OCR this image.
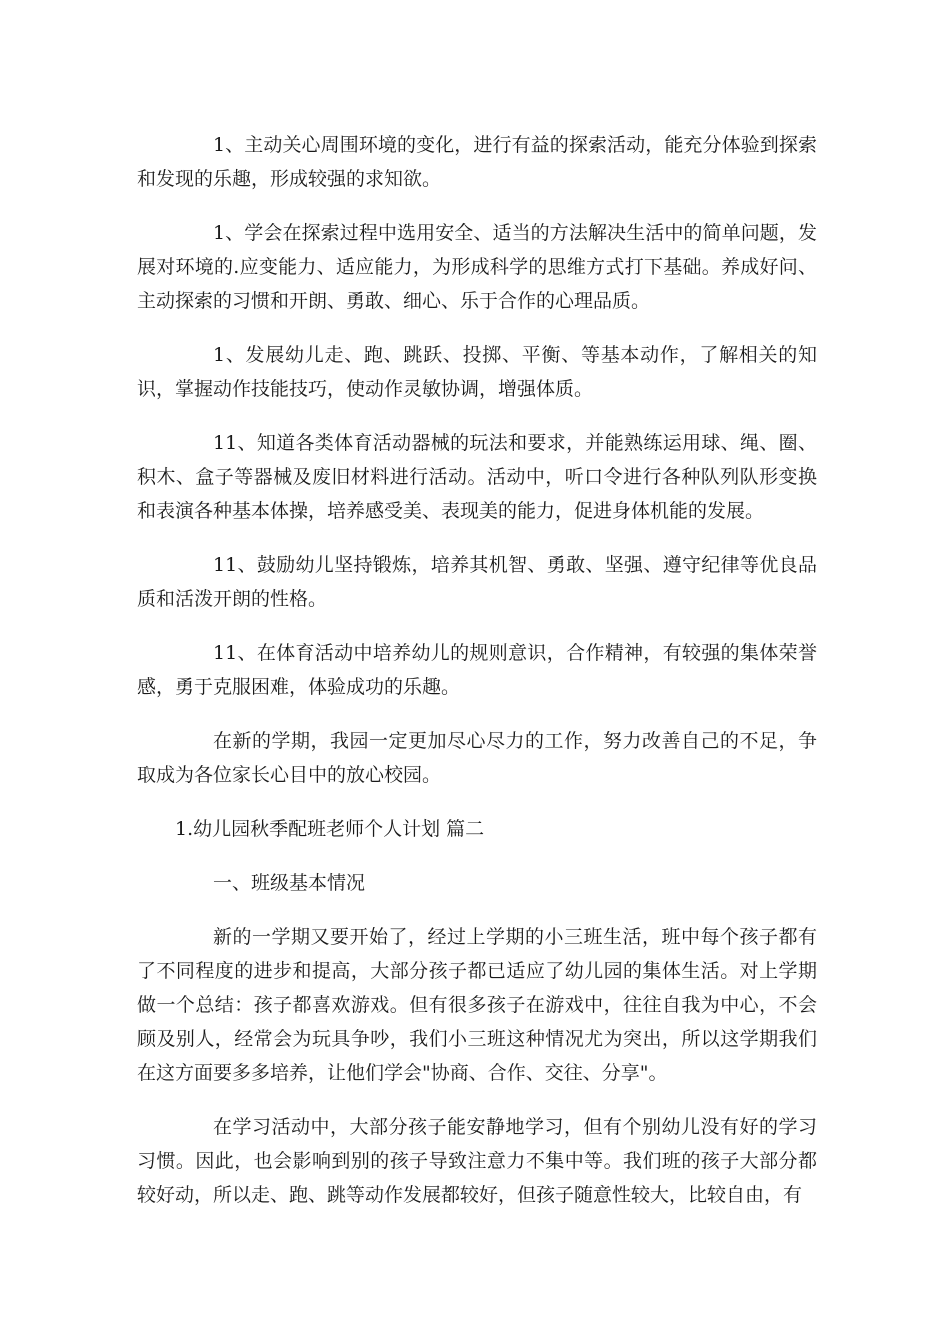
1、主动关心周围环境的变化，进行有益的探索活动，能充分体验到探索和发现的乐趣，形成较强的求知欲。

1、学会在探索过程中选用安全、适当的方法解决生活中的简单问题，发展对环境的.应变能力、适应能力，为形成科学的思维方式打下基础。养成好问、主动探索的习惯和开朗、勇敢、细心、乐于合作的心理品质。

1、发展幼儿走、跑、跳跃、投掷、平衡、等基本动作，了解相关的知识，掌握动作技能技巧，使动作灵敏协调，增强体质。

11、知道各类体育活动器械的玩法和要求，并能熟练运用球、绳、圈、积木、盒子等器械及废旧材料进行活动。活动中，听口令进行各种队列队形变换和表演各种基本体操，培养感受美、表现美的能力，促进身体机能的发展。

11、鼓励幼儿坚持锻炼，培养其机智、勇敢、坚强、遵守纪律等优良品质和活泼开朗的性格。

11、在体育活动中培养幼儿的规则意识，合作精神，有较强的集体荣誉感，勇于克服困难，体验成功的乐趣。

在新的学期，我园一定更加尽心尽力的工作，努力改善自己的不足，争取成为各位家长心目中的放心校园。

1.幼儿园秋季配班老师个人计划 篇二

一、班级基本情况

新的一学期又要开始了，经过上学期的小三班生活，班中每个孩子都有了不同程度的进步和提高，大部分孩子都已适应了幼儿园的集体生活。对上学期做一个总结：孩子都喜欢游戏。但有很多孩子在游戏中，往往自我为中心，不会顾及别人，经常会为玩具争吵，我们小三班这种情况尤为突出，所以这学期我们在这方面要多多培养，让他们学会"协商、合作、交往、分享"。

在学习活动中，大部分孩子能安静地学习，但有个别幼儿没有好的学习习惯。因此，也会影响到别的孩子导致注意力不集中等。我们班的孩子大部分都较好动，所以走、跑、跳等动作发展都较好，但孩子随意性较大，比较自由，有
